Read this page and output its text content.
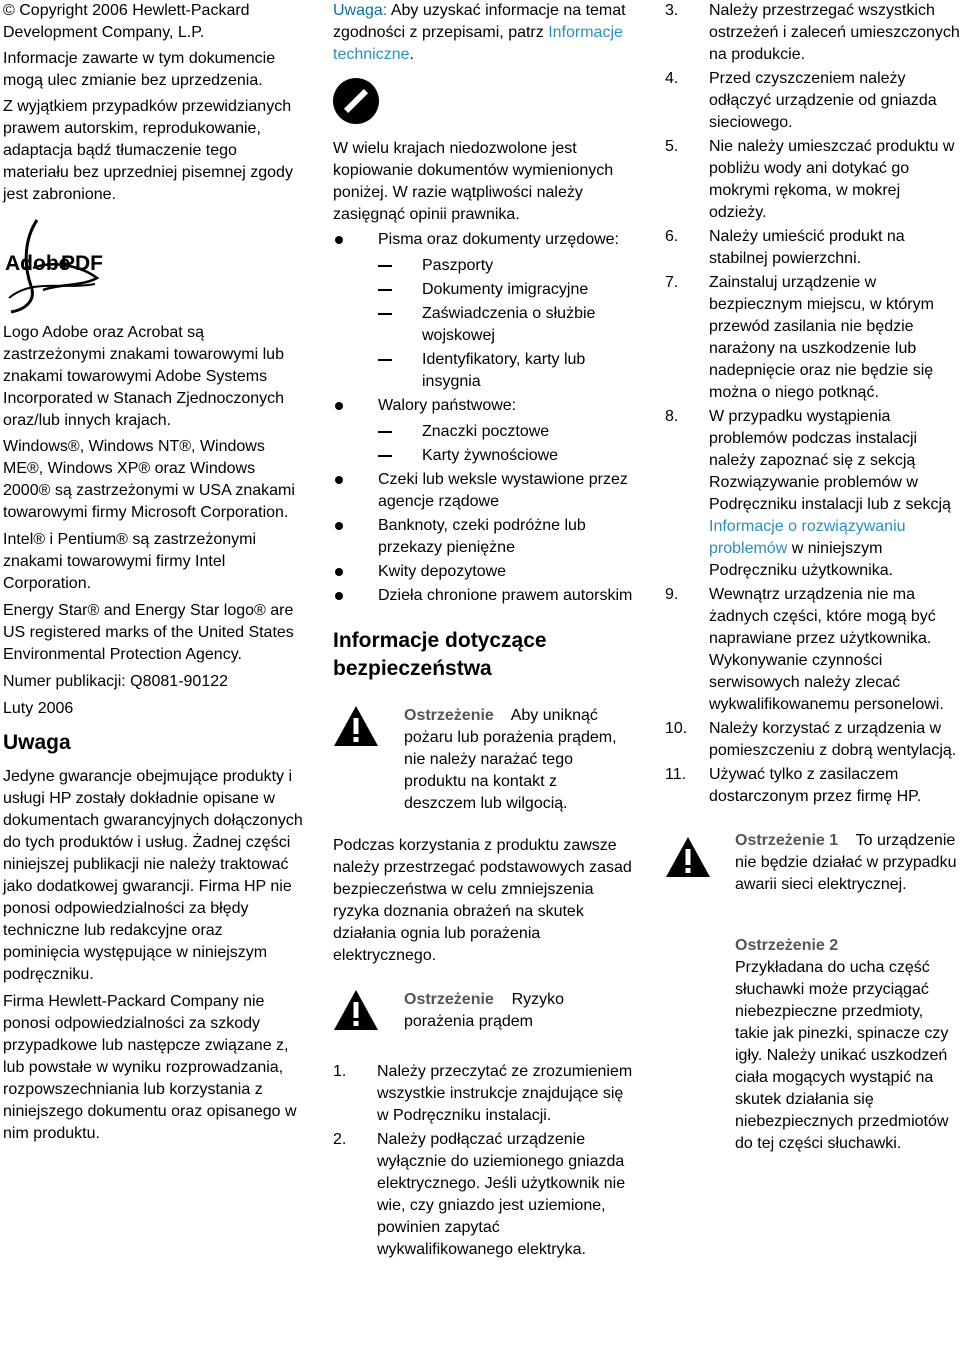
© Copyright 2006 Hewlett-Packard Development Company, L.P.

Informacje zawarte w tym dokumencie mogą ulec zmianie bez uprzedzenia.

Z wyjątkiem przypadków przewidzianych prawem autorskim, reprodukowanie, adaptacja bądź tłumaczenie tego materiału bez uprzedniej pisemnej zgody jest zabronione.

Adobe
PDF

Logo Adobe oraz Acrobat są zastrzeżonymi znakami towarowymi lub znakami towarowymi Adobe Systems Incorporated w Stanach Zjednoczonych oraz/lub innych krajach.

Windows®, Windows NT®, Windows ME®, Windows XP® oraz Windows 2000® są zastrzeżonymi w USA znakami towarowymi firmy Microsoft Corporation.

Intel® i Pentium® są zastrzeżonymi znakami towarowymi firmy Intel Corporation.

Energy Star® and Energy Star logo® are US registered marks of the United States Environmental Protection Agency.

Numer publikacji: Q8081-90122

Luty 2006

Uwaga

Jedyne gwarancje obejmujące produkty i usługi HP zostały dokładnie opisane w dokumentach gwarancyjnych dołączonych do tych produktów i usług. Żadnej części niniejszej publikacji nie należy traktować jako dodatkowej gwarancji. Firma HP nie ponosi odpowiedzialności za błędy techniczne lub redakcyjne oraz pominięcia występujące w niniejszym podręczniku.

Firma Hewlett-Packard Company nie ponosi odpowiedzialności za szkody przypadkowe lub następcze związane z, lub powstałe w wyniku rozprowadzania, rozpowszechniania lub korzystania z niniejszego dokumentu oraz opisanego w nim produktu.

Uwaga: Aby uzyskać informacje na temat zgodności z przepisami, patrz Informacje techniczne.

W wielu krajach niedozwolone jest kopiowanie dokumentów wymienionych poniżej. W razie wątpliwości należy zasięgnąć opinii prawnika.

Pisma oraz dokumenty urzędowe:
Paszporty
Dokumenty imigracyjne
Zaświadczenia o służbie wojskowej
Identyfikatory, karty lub insygnia
Walory państwowe:
Znaczki pocztowe
Karty żywnościowe
Czeki lub weksle wystawione przez agencje rządowe
Banknoty, czeki podróżne lub przekazy pieniężne
Kwity depozytowe
Dzieła chronione prawem autorskim

Informacje dotyczące bezpieczeństwa

Ostrzeżenie Aby uniknąć pożaru lub porażenia prądem, nie należy narażać tego produktu na kontakt z deszczem lub wilgocią.

Podczas korzystania z produktu zawsze należy przestrzegać podstawowych zasad bezpieczeństwa w celu zmniejszenia ryzyka doznania obrażeń na skutek działania ognia lub porażenia elektrycznego.

Ostrzeżenie Ryzyko porażenia prądem

1. Należy przeczytać ze zrozumieniem wszystkie instrukcje znajdujące się w Podręczniku instalacji.
2. Należy podłączać urządzenie wyłącznie do uziemionego gniazda elektrycznego. Jeśli użytkownik nie wie, czy gniazdo jest uziemione, powinien zapytać wykwalifikowanego elektryka.
3. Należy przestrzegać wszystkich ostrzeżeń i zaleceń umieszczonych na produkcie.
4. Przed czyszczeniem należy odłączyć urządzenie od gniazda sieciowego.
5. Nie należy umieszczać produktu w pobliżu wody ani dotykać go mokrymi rękoma, w mokrej odzieży.
6. Należy umieścić produkt na stabilnej powierzchni.
7. Zainstaluj urządzenie w bezpiecznym miejscu, w którym przewód zasilania nie będzie narażony na uszkodzenie lub nadepnięcie oraz nie będzie się można o niego potknąć.
8. W przypadku wystąpienia problemów podczas instalacji należy zapoznać się z sekcją Rozwiązywanie problemów w Podręczniku instalacji lub z sekcją Informacje o rozwiązywaniu problemów w niniejszym Podręczniku użytkownika.
9. Wewnątrz urządzenia nie ma żadnych części, które mogą być naprawiane przez użytkownika. Wykonywanie czynności serwisowych należy zlecać wykwalifikowanemu personelowi.
10. Należy korzystać z urządzenia w pomieszczeniu z dobrą wentylacją.
11. Używać tylko z zasilaczem dostarczonym przez firmę HP.

Ostrzeżenie 1 To urządzenie nie będzie działać w przypadku awarii sieci elektrycznej.

Ostrzeżenie 2

Przykładana do ucha część słuchawki może przyciągać niebezpieczne przedmioty, takie jak pinezki, spinacze czy igły. Należy unikać uszkodzeń ciała mogących wystąpić na skutek działania się niebezpiecznych przedmiotów do tej części słuchawki.
